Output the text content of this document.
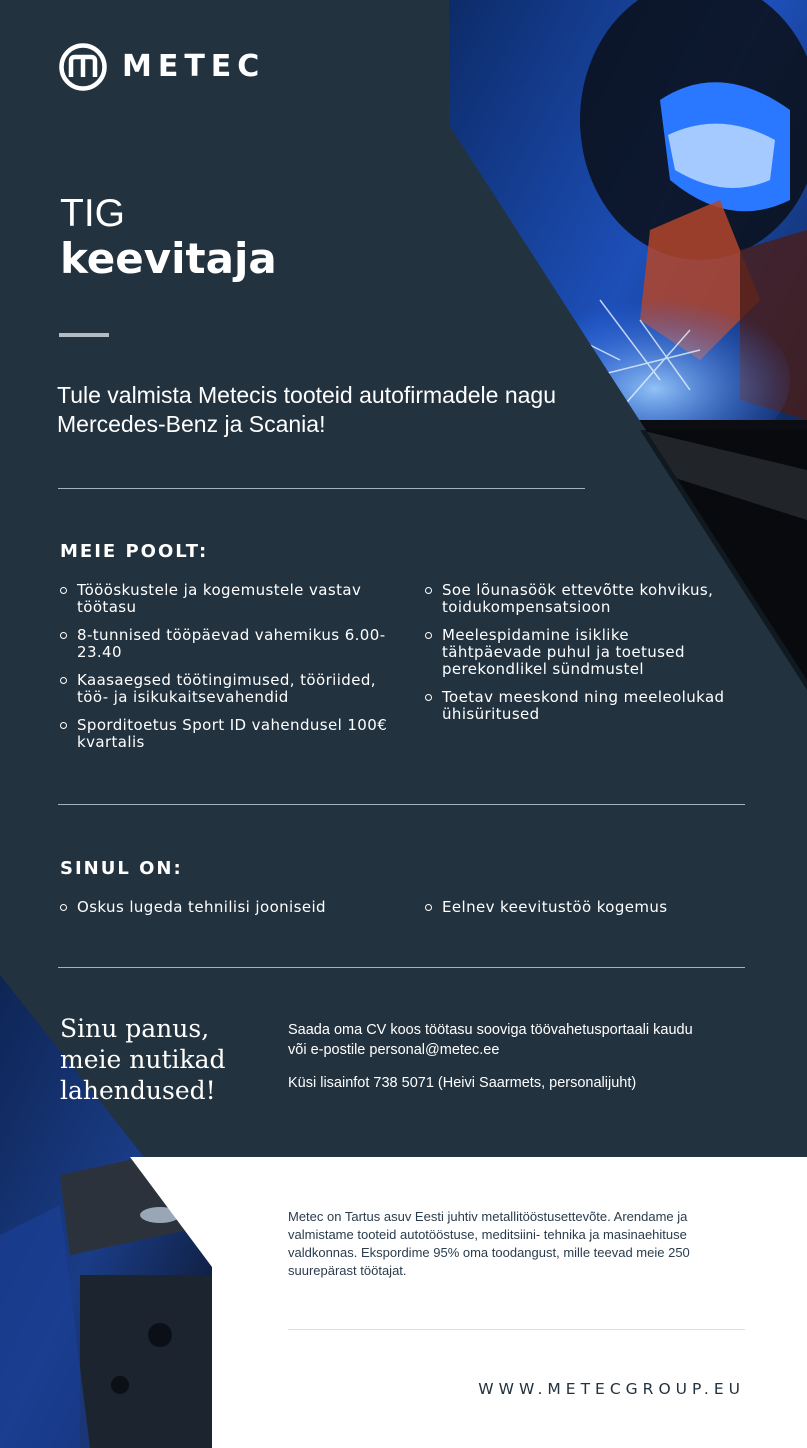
METEC
TIG
keevitaja
Tule valmista Metecis tooteid autofirmadele nagu Mercedes-Benz ja Scania!
MEIE POOLT:
Töööskustele ja kogemustele vastav töötasu
8-tunnised tööpäevad vahemikus 6.00-23.40
Kaasaegsed töötingimused, tööriided, töö- ja isikukaitsevahendid
Sporditoetus Sport ID vahendusel 100€ kvartalis
Soe lõunasöök ettevõtte kohvikus, toidukompensatsioon
Meelespidamine isiklike tähtpäevade puhul ja toetused perekondlikel sündmustel
Toetav meeskond ning meeleolukad ühisüritused
SINUL ON:
Oskus lugeda tehnilisi jooniseid	Eelnev keevitustöö kogemus
Sinu panus, meie nutikad lahendused!
Saada oma CV koos töötasu sooviga töövahetusportaali kaudu või e-postile personal@metec.ee
Küsi lisainfot 738 5071 (Heivi Saarmets, personalijuht)
Metec on Tartus asuv Eesti juhtiv metallitööstusettevõte. Arendame ja valmistame tooteid autotööstuse, meditsiini- tehnika ja masinaehituse valdkonnas. Ekspordime 95% oma toodangust, mille teevad meie 250 suurepärast töötajat.
WWW.METECGROUP.EU
